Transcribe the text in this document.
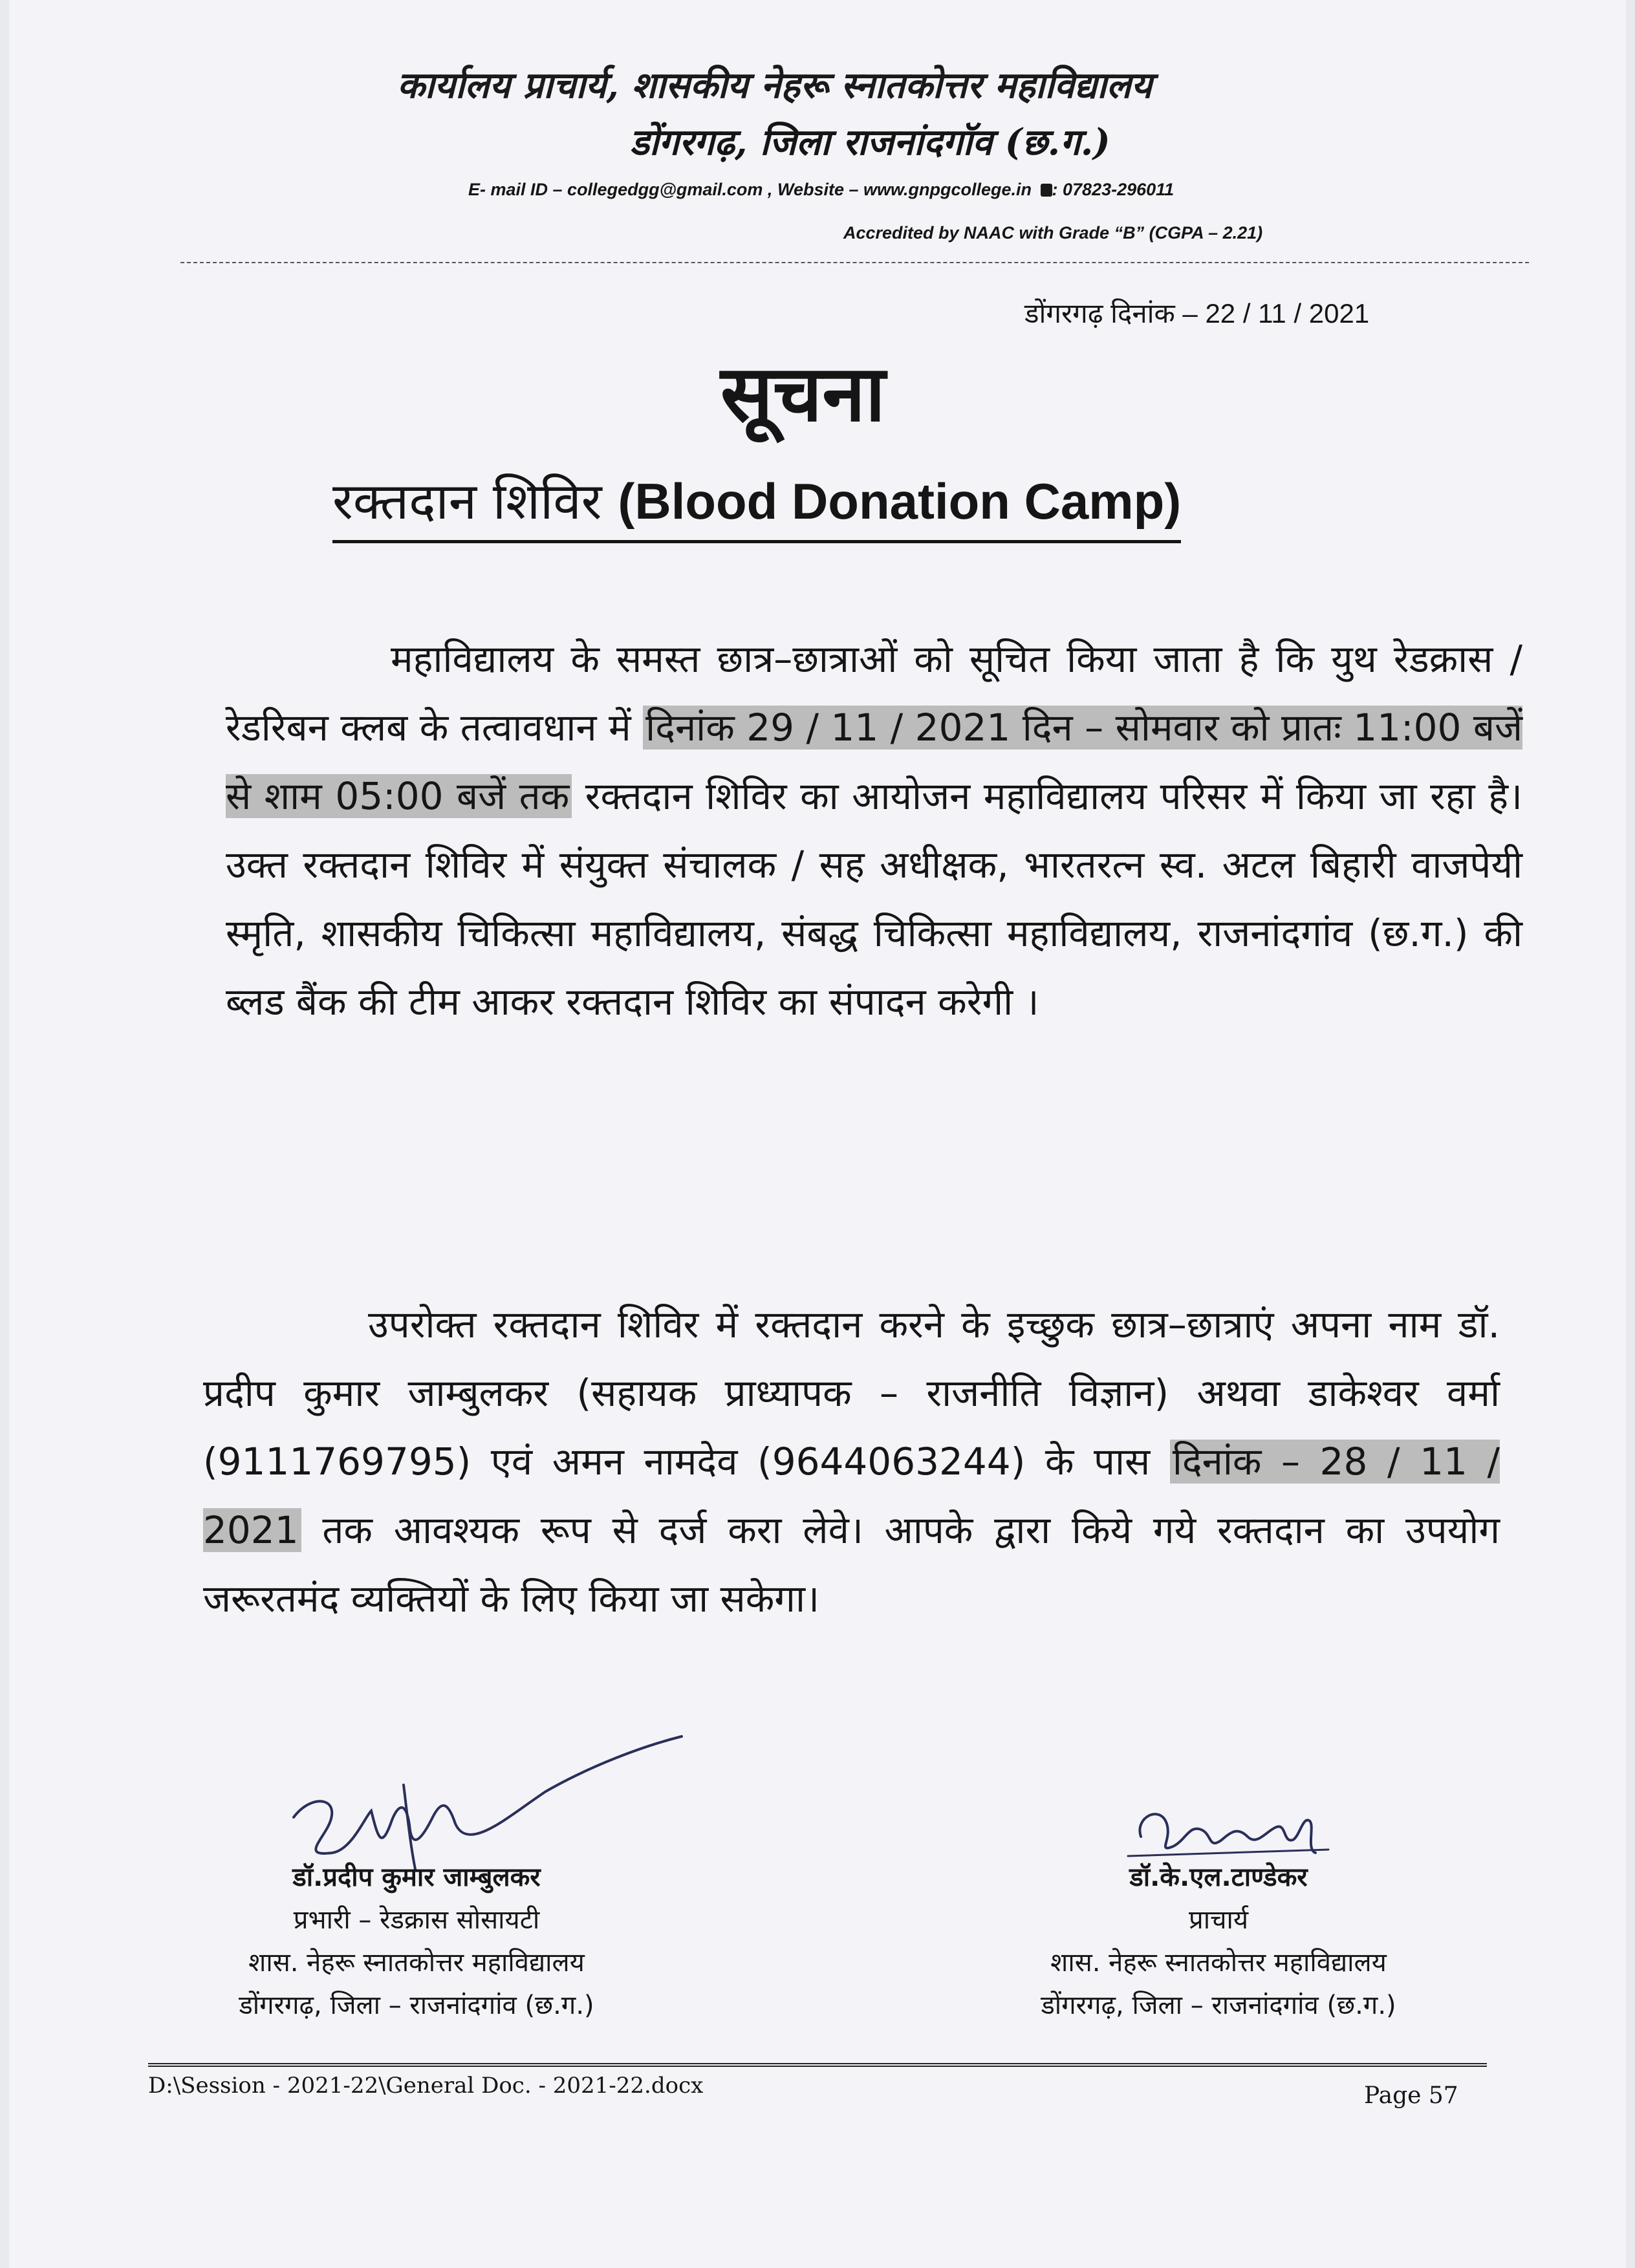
कार्यालय प्राचार्य, शासकीय नेहरू स्नातकोत्तर महाविद्यालय
डोंगरगढ़, जिला राजनांदगॉव (छ.ग.)
E- mail ID – collegedgg@gmail.com , Website – www.gnpgcollege.in : 07823-296011
Accredited by NAAC with Grade “B” (CGPA – 2.21)
डोंगरगढ़ दिनांक – 22 / 11 / 2021
सूचना
रक्तदान शिविर (Blood Donation Camp)
महाविद्यालय के समस्त छात्र–छात्राओं को सूचित किया जाता है कि युथ रेडक्रास / रेडरिबन क्लब के तत्वावधान में दिनांक 29 / 11 / 2021 दिन – सोमवार को प्रातः 11:00 बजें से शाम 05:00 बजें तक रक्तदान शिविर का आयोजन महाविद्यालय परिसर में किया जा रहा है। उक्त रक्तदान शिविर में संयुक्त संचालक / सह अधीक्षक, भारतरत्न स्व. अटल बिहारी वाजपेयी स्मृति, शासकीय चिकित्सा महाविद्यालय, संबद्ध चिकित्सा महाविद्यालय, राजनांदगांव (छ.ग.) की ब्लड बैंक की टीम आकर रक्तदान शिविर का संपादन करेगी ।
उपरोक्त रक्तदान शिविर में रक्तदान करने के इच्छुक छात्र–छात्राएं अपना नाम डॉ. प्रदीप कुमार जाम्बुलकर (सहायक प्राध्यापक – राजनीति विज्ञान) अथवा डाकेश्वर वर्मा (9111769795) एवं अमन नामदेव (9644063244) के पास दिनांक – 28 / 11 / 2021 तक आवश्यक रूप से दर्ज करा लेवे। आपके द्वारा किये गये रक्तदान का उपयोग जरूरतमंद व्यक्तियों के लिए किया जा सकेगा।
डॉ.प्रदीप कुमार जाम्बुलकर
प्रभारी – रेडक्रास सोसायटी
शास. नेहरू स्नातकोत्तर महाविद्यालय
डोंगरगढ़, जिला – राजनांदगांव (छ.ग.)
डॉ.के.एल.टाण्डेकर
प्राचार्य
शास. नेहरू स्नातकोत्तर महाविद्यालय
डोंगरगढ़, जिला – राजनांदगांव (छ.ग.)
D:\Session - 2021-22\General Doc. - 2021-22.docx	Page 57
